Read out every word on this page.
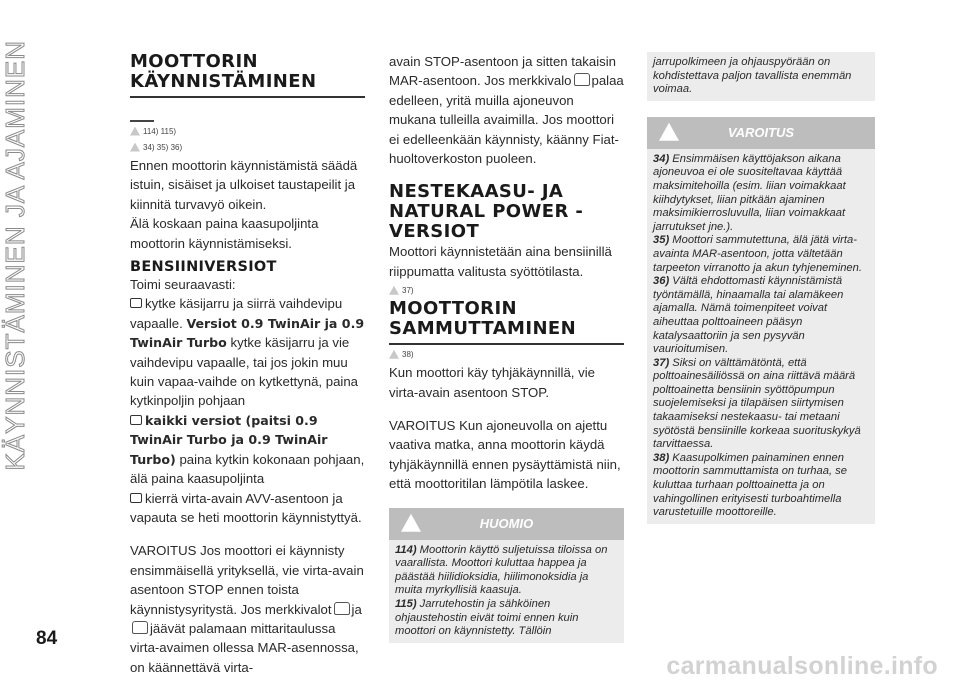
KÄYNNISTÄMINEN JA AJAMINEN	MOOTTORIN KÄYNNISTÄMINEN
114) 115)
34) 35) 36)

Ennen moottorin käynnistämistä säädä istuin, sisäiset ja ulkoiset taustapeilit ja kiinnitä turvavyö oikein.

Älä koskaan paina kaasupoljinta moottorin käynnistämiseksi.

BENSIINIVERSIOT

Toimi seuraavasti:

kytke käsijarru ja siirrä vaihdevipu vapaalle. Versiot 0.9 TwinAir ja 0.9 TwinAir Turbo kytke käsijarru ja vie vaihdevipu vapaalle, tai jos jokin muu kuin vapaa-vaihde on kytkettynä, paina kytkinpoljin pohjaan

kaikki versiot (paitsi 0.9 TwinAir Turbo ja 0.9 TwinAir Turbo) paina kytkin kokonaan pohjaan, älä paina kaasupoljinta

kierrä virta-avain AVV-asentoon ja vapauta se heti moottorin käynnistyttyä.

VAROITUS Jos moottori ei käynnisty ensimmäisellä yrityksellä, vie virta-avain asentoon STOP ennen toista käynnistysyritystä. Jos merkkivalot jajäävät palamaan mittaritaulussa virta-avaimen ollessa MAR-asennossa, on käännettävä virta-

avain STOP-asentoon ja sitten takaisin MAR-asentoon. Jos merkkivalo palaa edelleen, yritä muilla ajoneuvon mukana tulleilla avaimilla. Jos moottori ei edelleenkään käynnisty, käänny Fiat-huoltoverkoston puoleen.

NESTEKAASU- JA NATURAL POWER -VERSIOT

Moottori käynnistetään aina bensiinillä riippumatta valitusta syöttötilasta.

37)
MOOTTORIN SAMMUTTAMINEN
38)

Kun moottori käy tyhjäkäynnillä, vie virta-avain asentoon STOP.

VAROITUS Kun ajoneuvolla on ajettu vaativa matka, anna moottorin käydä tyhjäkäynnillä ennen pysäyttämistä niin, että moottoritilan lämpötila laskee.

HUOMIO

114) Moottorin käyttö suljetuissa tiloissa on vaarallista. Moottori kuluttaa happea ja päästää hiilidioksidia, hiilimonoksidia ja muita myrkyllisiä kaasuja.

115) Jarrutehostin ja sähköinen ohjaustehostin eivät toimi ennen kuin moottori on käynnistetty. Tällöin

jarrupolkimeen ja ohjauspyörään on kohdistettava paljon tavallista enemmän voimaa.

VAROITUS

34) Ensimmäisen käyttöjakson aikana ajoneuvoa ei ole suositeltavaa käyttää maksimitehoilla (esim. liian voimakkaat kiihdytykset, liian pitkään ajaminen maksimikierrosluvulla, liian voimakkaat jarrutukset jne.).

35) Moottori sammutettuna, älä jätä virta-avainta MAR-asentoon, jotta vältetään tarpeeton virranotto ja akun tyhjeneminen.

36) Vältä ehdottomasti käynnistämistä työntämällä, hinaamalla tai alamäkeen ajamalla. Nämä toimenpiteet voivat aiheuttaa polttoaineen pääsyn katalysaattoriin ja sen pysyvän vaurioitumisen.

37) Siksi on välttämätöntä, että polttoainesäiliössä on aina riittävä määrä polttoainetta bensiinin syöttöpumpun suojelemiseksi ja tilapäisen siirtymisen takaamiseksi nestekaasu- tai metaani syötöstä bensiinille korkeaa suorituskykyä tarvittaessa.

38) Kaasupolkimen painaminen ennen moottorin sammuttamista on turhaa, se kuluttaa turhaan polttoainetta ja on vahingollinen erityisesti turboahtimella varustetuille moottoreille.

84
carmanualsonline.info
